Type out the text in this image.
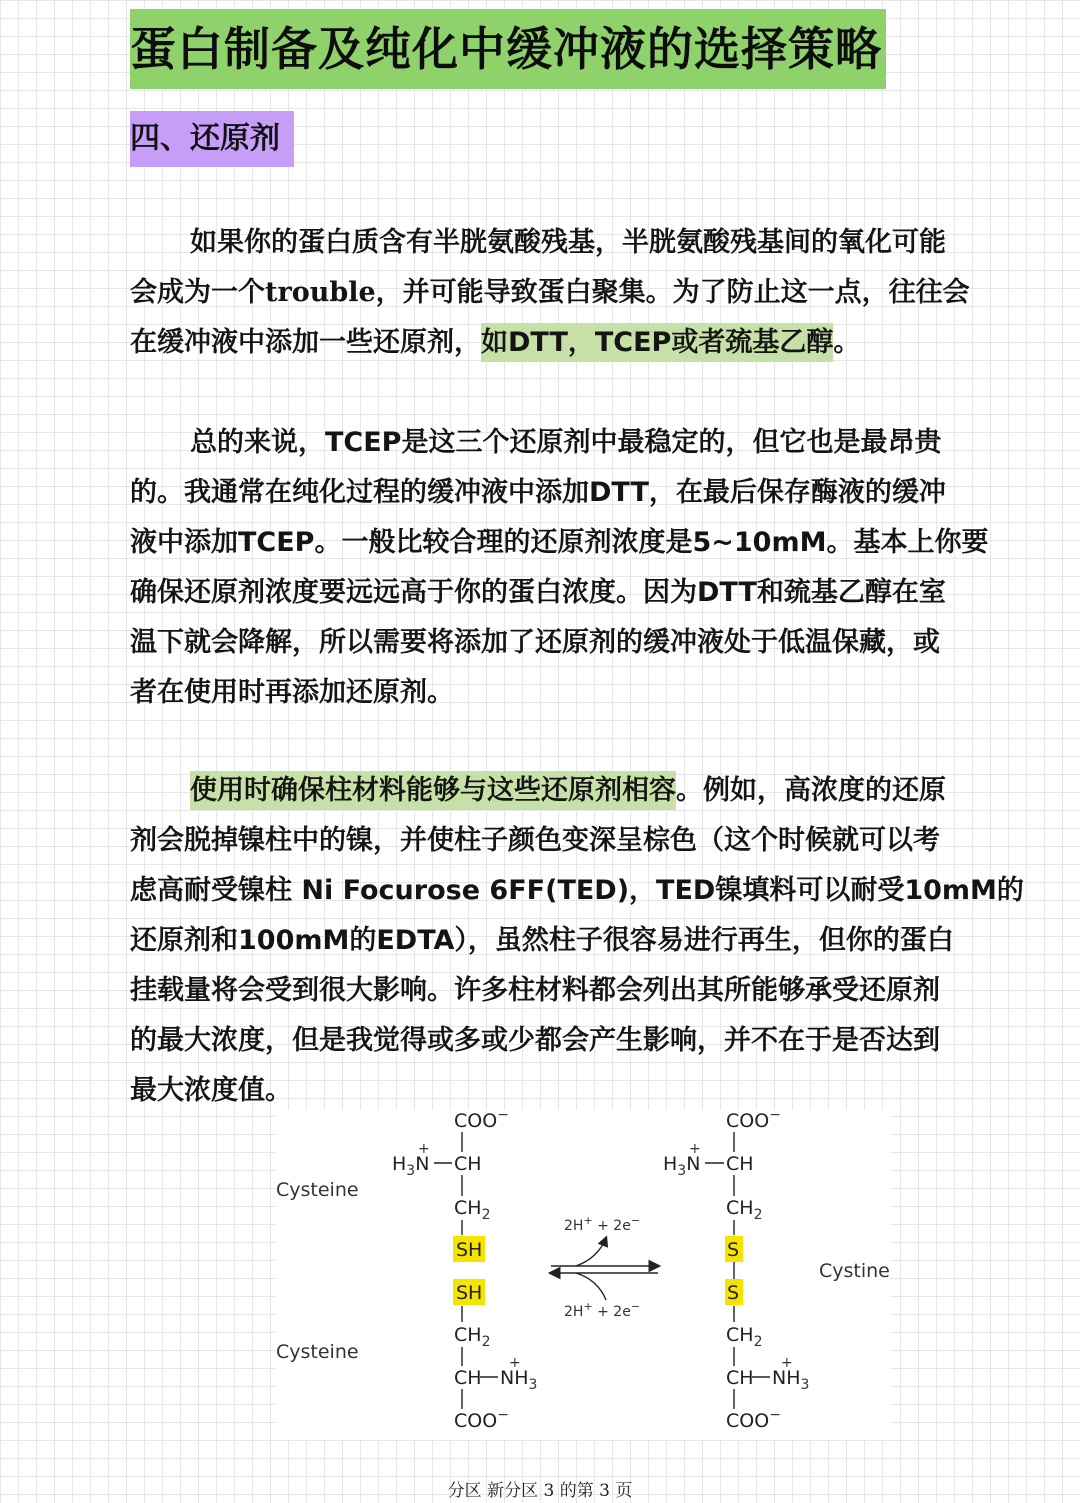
蛋白制备及纯化中缓冲液的选择策略
四、还原剂
如果你的蛋白质含有半胱氨酸残基，半胱氨酸残基间的氧化可能
会成为一个trouble，并可能导致蛋白聚集。为了防止这一点，往往会
在缓冲液中添加一些还原剂，如DTT，TCEP或者巯基乙醇。
总的来说，TCEP是这三个还原剂中最稳定的，但它也是最昂贵
的。我通常在纯化过程的缓冲液中添加DTT，在最后保存酶液的缓冲
液中添加TCEP。一般比较合理的还原剂浓度是5~10mM。基本上你要
确保还原剂浓度要远远高于你的蛋白浓度。因为DTT和巯基乙醇在室
温下就会降解，所以需要将添加了还原剂的缓冲液处于低温保藏，或
者在使用时再添加还原剂。
使用时确保柱材料能够与这些还原剂相容。例如，高浓度的还原
剂会脱掉镍柱中的镍，并使柱子颜色变深呈棕色（这个时候就可以考
虑高耐受镍柱 Ni Focurose 6FF(TED)，TED镍填料可以耐受10mM的
还原剂和100mM的EDTA），虽然柱子很容易进行再生，但你的蛋白
挂载量将会受到很大影响。许多柱材料都会列出其所能够承受还原剂
的最大浓度，但是我觉得或多或少都会产生影响，并不在于是否达到
最大浓度值。
Cysteine
Cysteine
Cystine
COO−
$H_3N$
+
CH
$CH_2$
SH
SH
$CH_2$
CH $NH_3$
+
COO−
2H+ + 2e−
2H+ + 2e−
COO−
$H_3N$
+
CH
$CH_2$
S
S
$CH_2$
CH $NH_3$
+
COO−
分区 新分区 3 的第 3 页
